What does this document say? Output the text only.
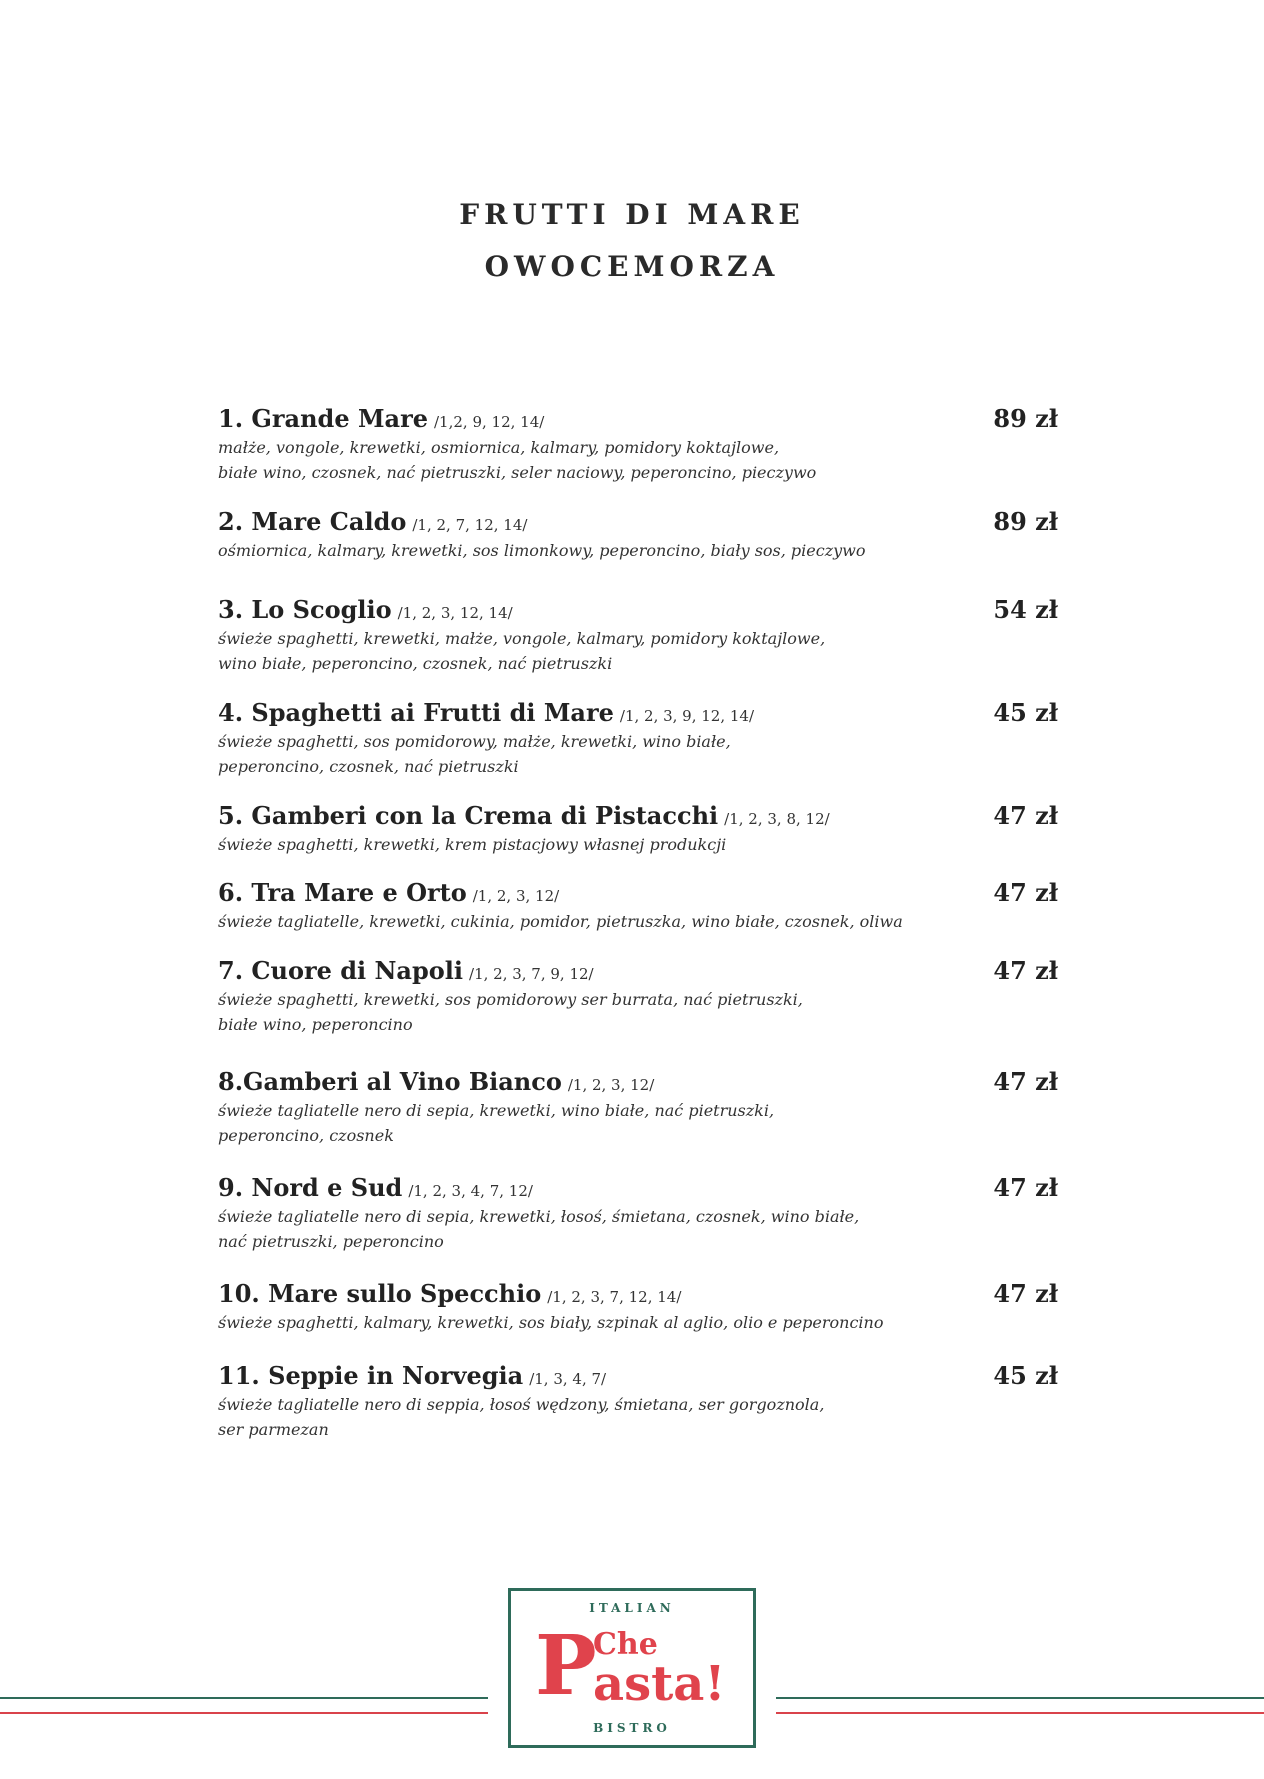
FRUTTI DI MARE
OWOCEMORZA
1. Grande Mare /1,2, 9, 12, 14/	89 zł
małże, vongole, krewetki, osmiornica, kalmary, pomidory koktajlowe,
białe wino, czosnek, nać pietruszki, seler naciowy, peperoncino, pieczywo
2. Mare Caldo /1, 2, 7, 12, 14/	89 zł
ośmiornica, kalmary, krewetki, sos limonkowy, peperoncino, biały sos, pieczywo
3. Lo Scoglio /1, 2, 3, 12, 14/	54 zł
świeże spaghetti, krewetki, małże, vongole, kalmary, pomidory koktajlowe,
wino białe, peperoncino, czosnek, nać pietruszki
4. Spaghetti ai Frutti di Mare /1, 2, 3, 9, 12, 14/	45 zł
świeże spaghetti, sos pomidorowy, małże, krewetki, wino białe,
peperoncino, czosnek, nać pietruszki
5. Gamberi con la Crema di Pistacchi /1, 2, 3, 8, 12/	47 zł
świeże spaghetti, krewetki, krem pistacjowy własnej produkcji
6. Tra Mare e Orto /1, 2, 3, 12/	47 zł
świeże tagliatelle, krewetki, cukinia, pomidor, pietruszka, wino białe, czosnek, oliwa
7. Cuore di Napoli /1, 2, 3, 7, 9, 12/	47 zł
świeże spaghetti, krewetki, sos pomidorowy ser burrata, nać pietruszki,
białe wino, peperoncino
8.Gamberi al Vino Bianco /1, 2, 3, 12/	47 zł
świeże tagliatelle nero di sepia, krewetki, wino białe, nać pietruszki,
peperoncino, czosnek
9. Nord e Sud /1, 2, 3, 4, 7, 12/	47 zł
świeże tagliatelle nero di sepia, krewetki, łosoś, śmietana, czosnek, wino białe,
nać pietruszki, peperoncino
10. Mare sullo Specchio /1, 2, 3, 7, 12, 14/	47 zł
świeże spaghetti, kalmary, krewetki, sos biały, szpinak al aglio, olio e peperoncino
11. Seppie in Norvegia /1, 3, 4, 7/	45 zł
świeże tagliatelle nero di seppia, łosoś wędzony, śmietana, ser gorgoznola,
ser parmezan
ITALIAN
P
Che
asta!
BISTRO
